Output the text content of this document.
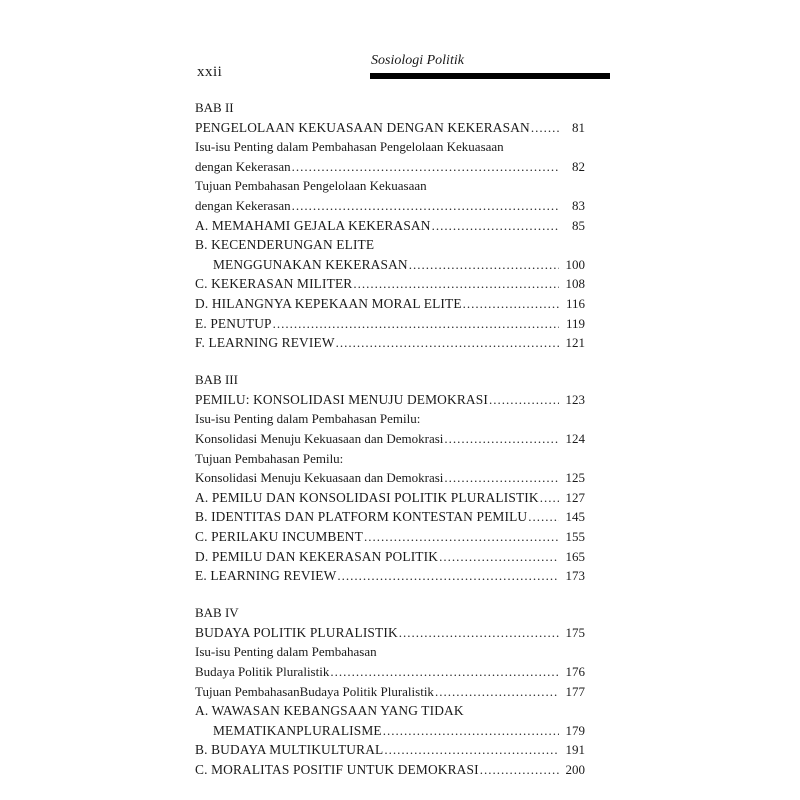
xxii
Sosiologi Politik
BAB II
PENGELOLAAN KEKUASAAN DENGAN KEKERASAN .....	81
Isu-isu Penting dalam Pembahasan Pengelolaan Kekuasaan
dengan Kekerasan .....	82
Tujuan Pembahasan Pengelolaan Kekuasaan
dengan Kekerasan .....	83
A. MEMAHAMI GEJALA KEKERASAN .....	85
B. KECENDERUNGAN ELITE
MENGGUNAKAN KEKERASAN .....	100
C. KEKERASAN MILITER .....	108
D. HILANGNYA KEPEKAAN MORAL ELITE .....	116
E. PENUTUP .....	119
F. LEARNING REVIEW .....	121
BAB III
PEMILU: KONSOLIDASI MENUJU DEMOKRASI .....	123
Isu-isu Penting dalam Pembahasan Pemilu:
Konsolidasi Menuju Kekuasaan dan Demokrasi .....	124
Tujuan Pembahasan Pemilu:
Konsolidasi Menuju Kekuasaan dan Demokrasi .....	125
A. PEMILU DAN KONSOLIDASI POLITIK PLURALISTIK ..... 127
B. IDENTITAS DAN PLATFORM KONTESTAN PEMILU .....	145
C. PERILAKU INCUMBENT .....	155
D. PEMILU DAN KEKERASAN POLITIK .....	165
E. LEARNING REVIEW .....	173
BAB IV
BUDAYA POLITIK PLURALISTIK .....	175
Isu-isu Penting dalam Pembahasan
Budaya Politik Pluralistik .....	176
Tujuan PembahasanBudaya Politik Pluralistik .....	177
A. WAWASAN KEBANGSAAN YANG TIDAK
MEMATIKANPLURALISME .....	179
B. BUDAYA MULTIKULTURAL .....	191
C. MORALITAS POSITIF UNTUK DEMOKRASI .....	200
